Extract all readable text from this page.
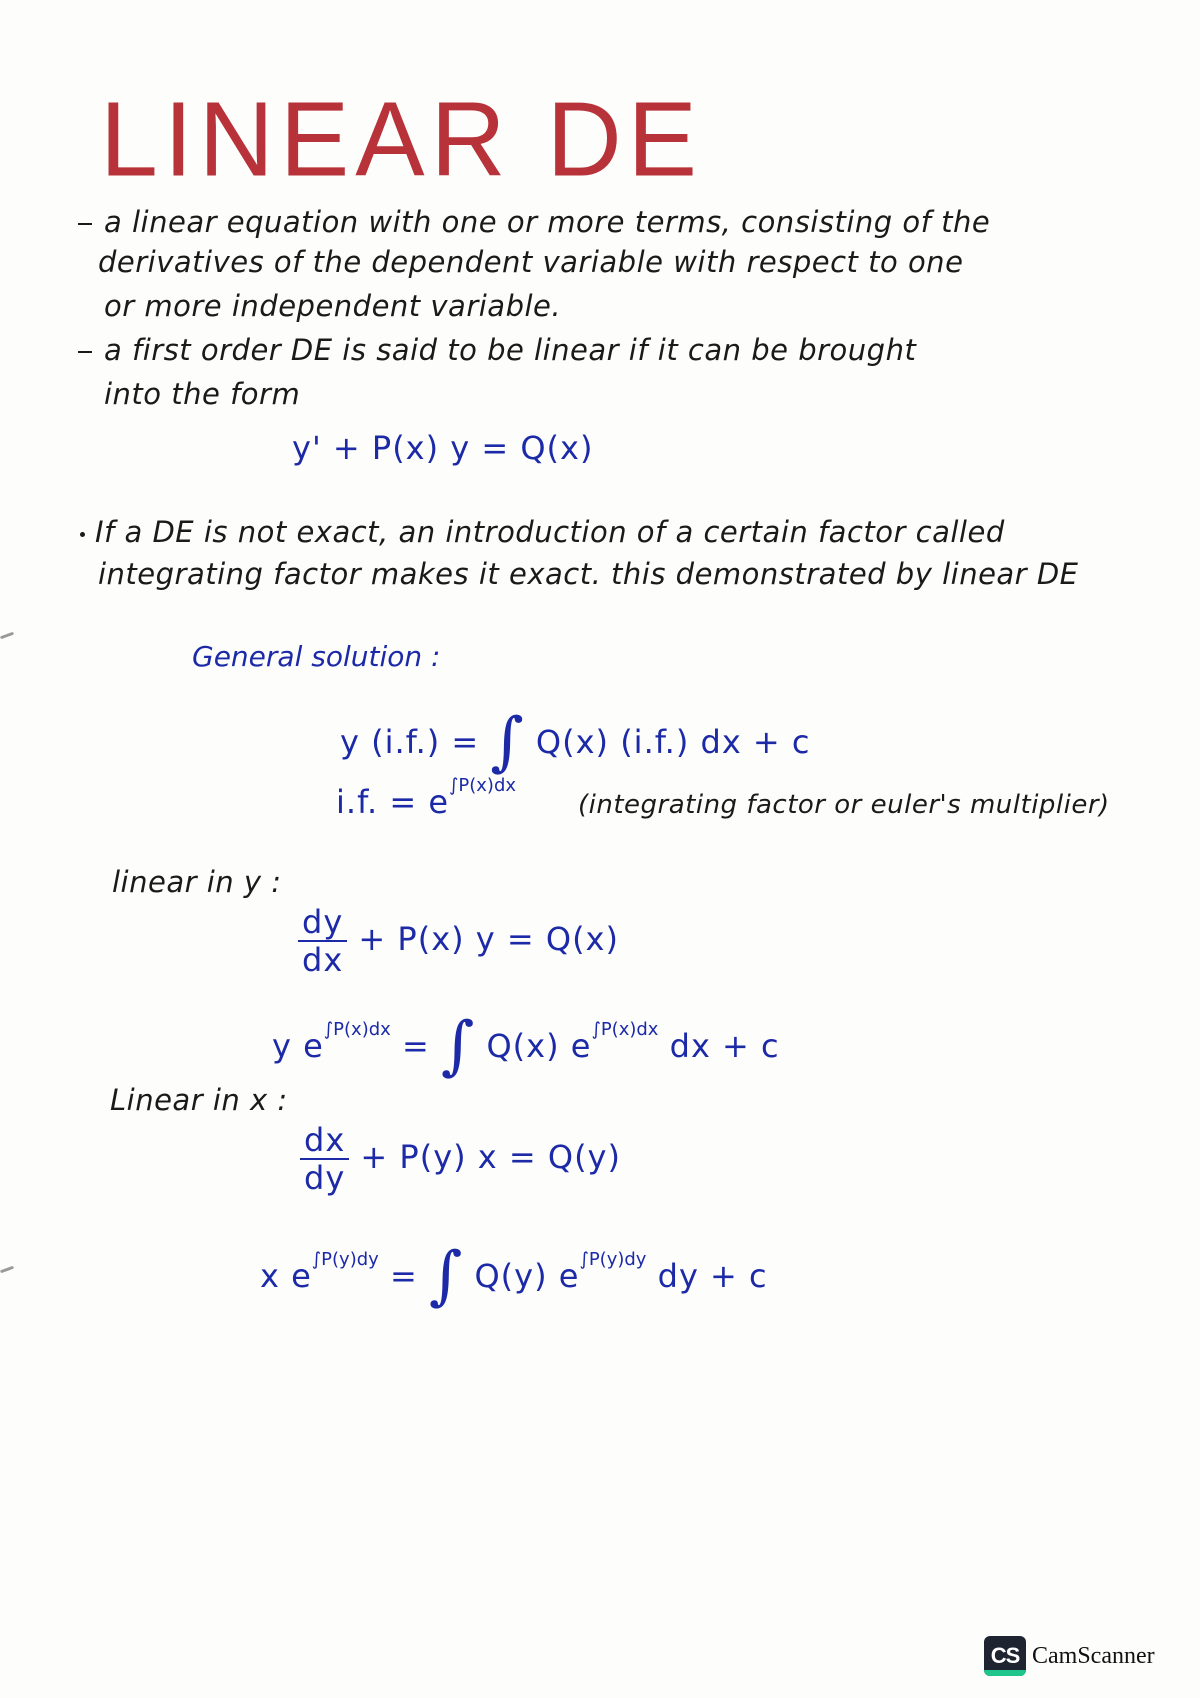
LINEAR DE
a linear equation with one or more terms, consisting of the
derivatives of the dependent variable with respect to one
or more independent variable.
a first order DE is said to be linear if it can be brought
into the form
y' + P(x) y = Q(x)
If a DE is not exact, an introduction of a certain factor called
integrating factor makes it exact. this demonstrated by linear DE
General solution :
y (i.f.) = ∫ Q(x) (i.f.) dx + c
i.f. = $e^{\int P(x)dx}$
(integrating factor or euler's multiplier)
linear in y :
$\frac{dy}{dx} + P(x) y = Q(x)$
y $e^{\int P(x)dx}$ = ∫ Q(x) $e^{\int P(x)dx}$ dx + c
Linear in x :
$\frac{dx}{dy} + P(y) x = Q(y)$
x $e^{\int P(y)dy}$ = ∫ Q(y) $e^{\int P(y)dy}$ dy + c
CS CamScanner
